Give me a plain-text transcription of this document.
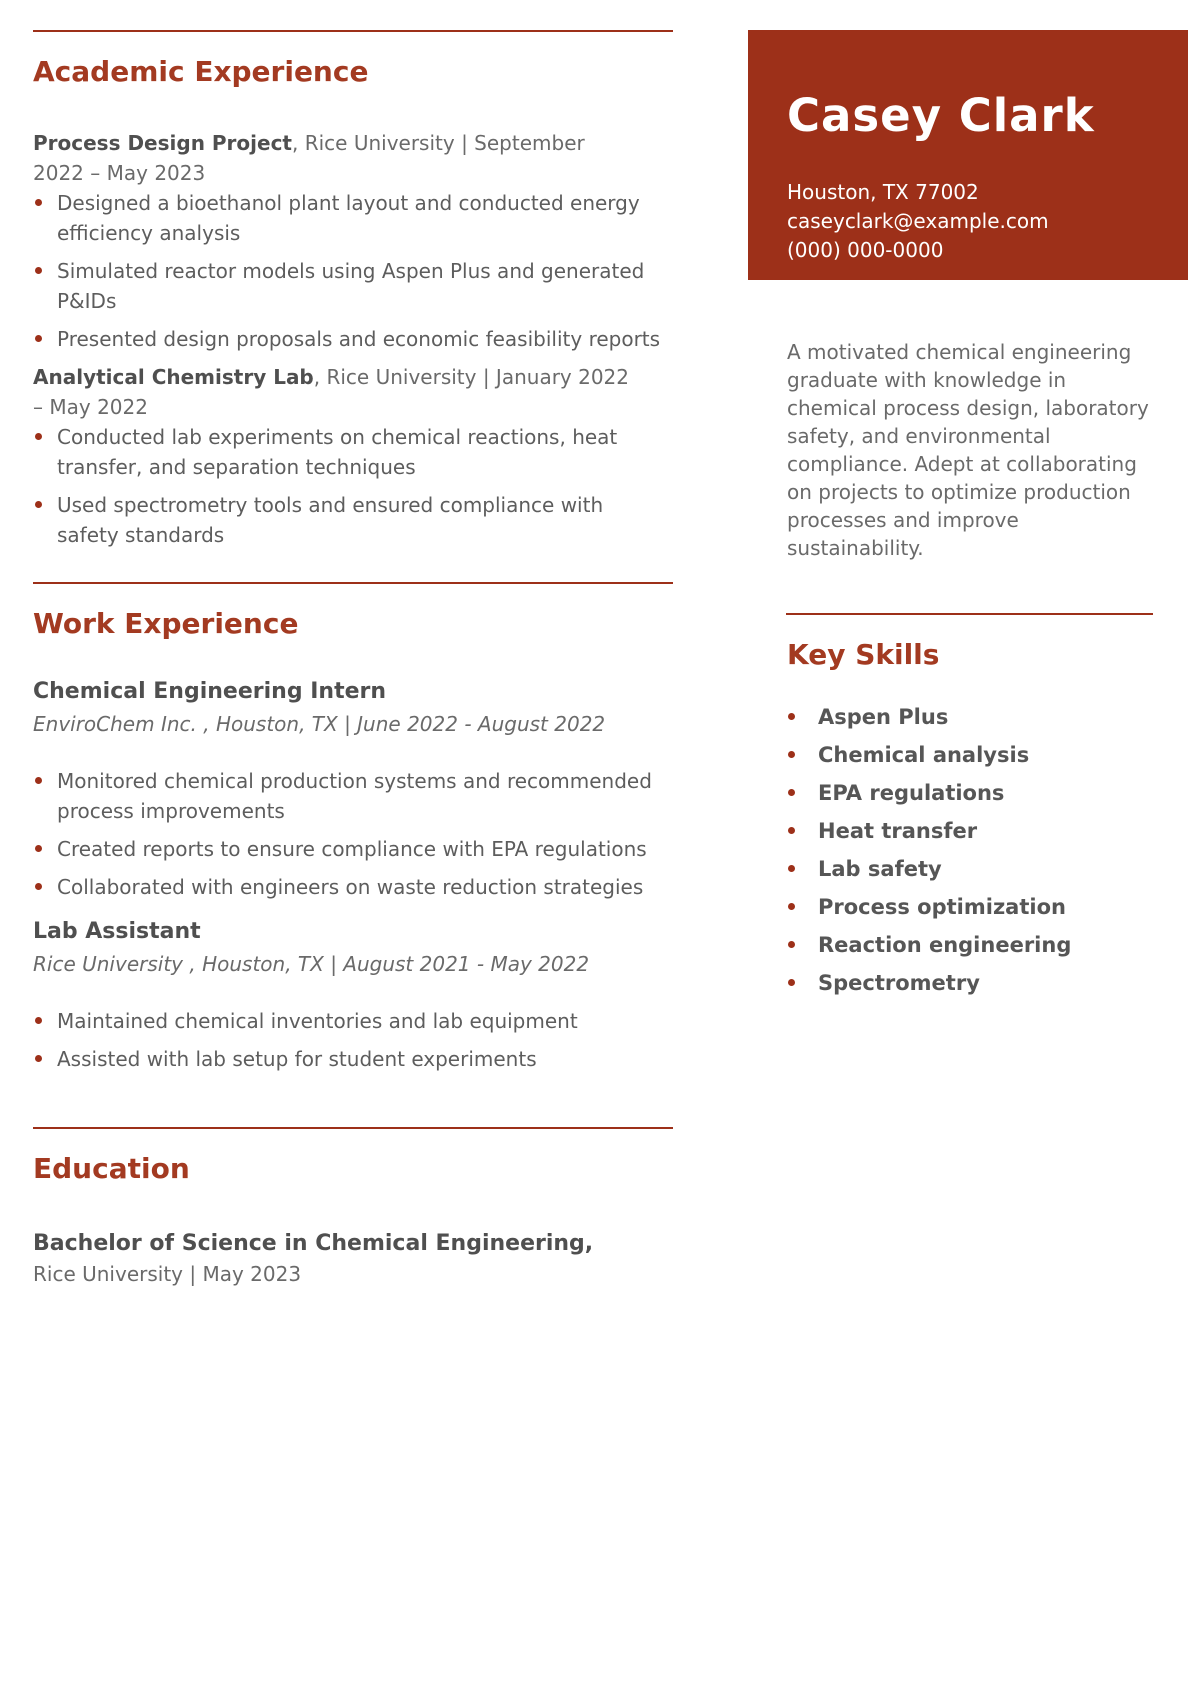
Academic Experience

Process Design Project, Rice University | September 2022 – May 2023

Designed a bioethanol plant layout and conducted energy efficiency analysis
Simulated reactor models using Aspen Plus and generated P&IDs
Presented design proposals and economic feasibility reports

Analytical Chemistry Lab, Rice University | January 2022 – May 2022

Conducted lab experiments on chemical reactions, heat transfer, and separation techniques
Used spectrometry tools and ensured compliance with safety standards
Work Experience
Chemical Engineering Intern

EnviroChem Inc. , Houston, TX | June 2022 - August 2022

Monitored chemical production systems and recommended process improvements
Created reports to ensure compliance with EPA regulations
Collaborated with engineers on waste reduction strategies
Lab Assistant

Rice University , Houston, TX | August 2021 - May 2022

Maintained chemical inventories and lab equipment
Assisted with lab setup for student experiments
Education

Bachelor of Science in Chemical Engineering,

Rice University | May 2023

Casey Clark
Houston, TX 77002
caseyclark@example.com
(000) 000-0000

A motivated chemical engineering graduate with knowledge in chemical process design, laboratory safety, and environmental compliance. Adept at collaborating on projects to optimize production processes and improve sustainability.

Key Skills
Aspen Plus
Chemical analysis
EPA regulations
Heat transfer
Lab safety
Process optimization
Reaction engineering
Spectrometry
